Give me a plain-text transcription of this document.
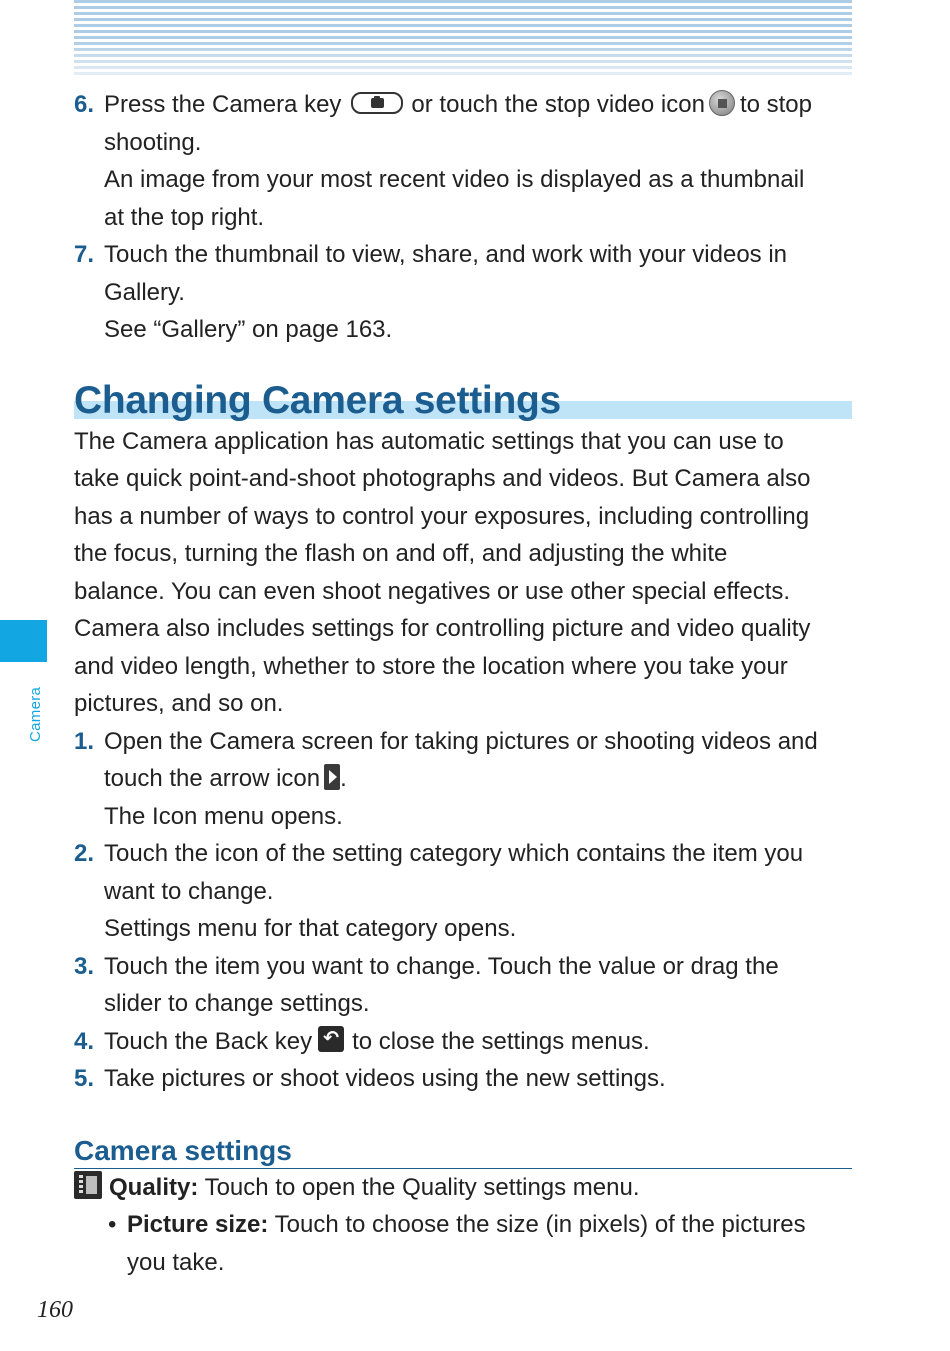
Camera
6. Press the Camera key	or touch the stop video icon to stop
shooting.
An image from your most recent video is displayed as a thumbnail
at the top right.
7. Touch the thumbnail to view, share, and work with your videos in
Gallery.
See “Gallery” on page 163.
Changing Camera settings
The Camera application has automatic settings that you can use to
take quick point-and-shoot photographs and videos. But Camera also
has a number of ways to control your exposures, including controlling
the focus, turning the flash on and off, and adjusting the white
balance. You can even shoot negatives or use other special effects.
Camera also includes settings for controlling picture and video quality
and video length, whether to store the location where you take your
pictures, and so on.
1. Open the Camera screen for taking pictures or shooting videos and
touch the arrow icon .
The Icon menu opens.
2. Touch the icon of the setting category which contains the item you
want to change.
Settings menu for that category opens.
3. Touch the item you want to change. Touch the value or drag the
slider to change settings.
4. Touch the Back key ↶ to close the settings menus.
5. Take pictures or shoot videos using the new settings.
Camera settings
Quality: Touch to open the Quality settings menu.
• Picture size: Touch to choose the size (in pixels) of the pictures
you take.
160
